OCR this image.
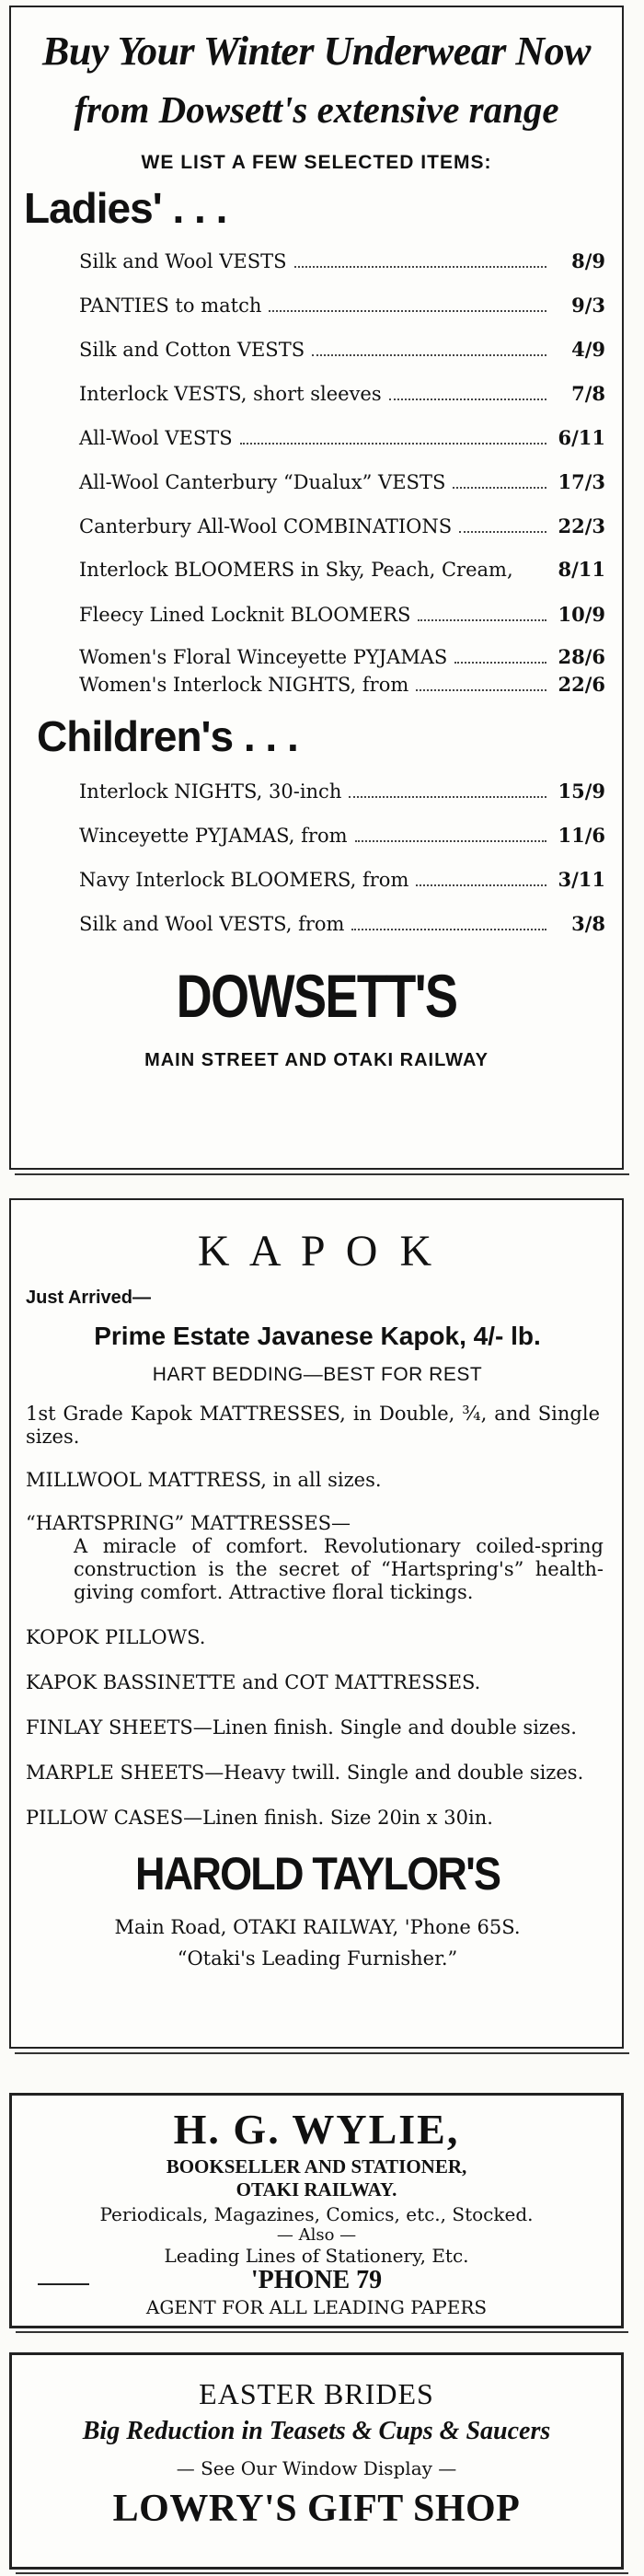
Buy Your Winter Underwear Now
from Dowsett's extensive range
WE LIST A FEW SELECTED ITEMS:
Ladies' . . .
Silk and Wool VESTS	8/9
PANTIES to match	9/3
Silk and Cotton VESTS	4/9
Interlock VESTS, short sleeves	7/8
All-Wool VESTS	6/11
All-Wool Canterbury “Dualux” VESTS	17/3
Canterbury All-Wool COMBINATIONS	22/3
Interlock BLOOMERS in Sky, Peach, Cream, 8/11
Fleecy Lined Locknit BLOOMERS	10/9
Women's Floral Winceyette PYJAMAS	28/6
Women's Interlock NIGHTS, from	22/6
Children's . . .
Interlock NIGHTS, 30-inch	15/9
Winceyette PYJAMAS, from	11/6
Navy Interlock BLOOMERS, from	3/11
Silk and Wool VESTS, from	3/8
DOWSETT'S
MAIN STREET AND OTAKI RAILWAY
K A P O K
Just Arrived—
Prime Estate Javanese Kapok, 4/- lb.
HART BEDDING—BEST FOR REST

1st Grade Kapok MATTRESSES, in Double, ¾, and Single sizes.

MILLWOOL MATTRESS, in all sizes.

“HARTSPRING” MATTRESSES—

A miracle of comfort. Revolutionary coiled-spring construction is the secret of “Hartspring's” health-giving comfort. Attractive floral tickings.

KOPOK PILLOWS.

KAPOK BASSINETTE and COT MATTRESSES.

FINLAY SHEETS—Linen finish. Single and double sizes.

MARPLE SHEETS—Heavy twill. Single and double sizes.

PILLOW CASES—Linen finish. Size 20in x 30in.

HAROLD TAYLOR'S
Main Road, OTAKI RAILWAY, 'Phone 65S.
“Otaki's Leading Furnisher.”
H. G. WYLIE,
BOOKSELLER AND STATIONER,
OTAKI RAILWAY.
Periodicals, Magazines, Comics, etc., Stocked.
— Also —
Leading Lines of Stationery, Etc.
'PHONE 79
AGENT FOR ALL LEADING PAPERS
EASTER BRIDES
Big Reduction in Teasets & Cups & Saucers
— See Our Window Display —
LOWRY'S GIFT SHOP
